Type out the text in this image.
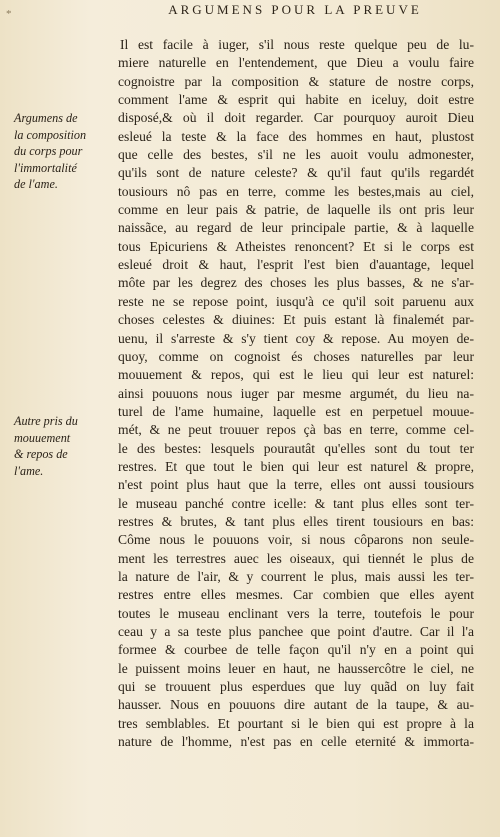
*	ARGUMENS POUR LA PREUVE
Argumens de
la composition
du corps pour
l'immortalité
de l'ame.
Autre pris du
mouuement
& repos de
l'ame.
Il est facile à iuger, s'il nous reste quelque peu de lu-
miere naturelle en l'entendement, que Dieu a voulu faire
cognoistre par la composition & stature de nostre corps,
comment l'ame & esprit qui habite en iceluy, doit estre
disposé,& où il doit regarder. Car pourquoy auroit Dieu
esleué la teste & la face des hommes en haut, plustost
que celle des bestes, s'il ne les auoit voulu admonester,
qu'ils sont de nature celeste? & qu'il faut qu'ils regardét
tousiours nô pas en terre, comme les bestes,mais au ciel,
comme en leur pais & patrie, de laquelle ils ont pris leur
naissãce, au regard de leur principale partie, & à laquelle
tous Epicuriens & Atheistes renoncent? Et si le corps est
esleué droit & haut, l'esprit l'est bien d'auantage, lequel
môte par les degrez des choses les plus basses, & ne s'ar-
reste ne se repose point, iusqu'à ce qu'il soit paruenu aux
choses celestes & diuines: Et puis estant là finalemét par-
uenu, il s'arreste & s'y tient coy & repose. Au moyen de-
quoy, comme on cognoist és choses naturelles par leur
mouuement & repos, qui est le lieu qui leur est naturel:
ainsi pouuons nous iuger par mesme argumét, du lieu na-
turel de l'ame humaine, laquelle est en perpetuel mouue-
mét, & ne peut trouuer repos çà bas en terre, comme cel-
le des bestes: lesquels pourautât qu'elles sont du tout ter
restres. Et que tout le bien qui leur est naturel & propre,
n'est point plus haut que la terre, elles ont aussi tousiours
le museau panché contre icelle: & tant plus elles sont ter-
restres & brutes, & tant plus elles tirent tousiours en bas:
Côme nous le pouuons voir, si nous côparons non seule-
ment les terrestres auec les oiseaux, qui tiennét le plus de
la nature de l'air, & y courrent le plus, mais aussi les ter-
restres entre elles mesmes. Car combien que elles ayent
toutes le museau enclinant vers la terre, toutefois le pour
ceau y a sa teste plus panchee que point d'autre. Car il l'a
formee & courbee de telle façon qu'il n'y en a point qui
le puissent moins leuer en haut, ne haussercôtre le ciel, ne
qui se trouuent plus esperdues que luy quãd on luy fait
hausser. Nous en pouuons dire autant de la taupe, & au-
tres semblables. Et pourtant si le bien qui est propre à la
nature de l'homme, n'est pas en celle eternité & immorta-
